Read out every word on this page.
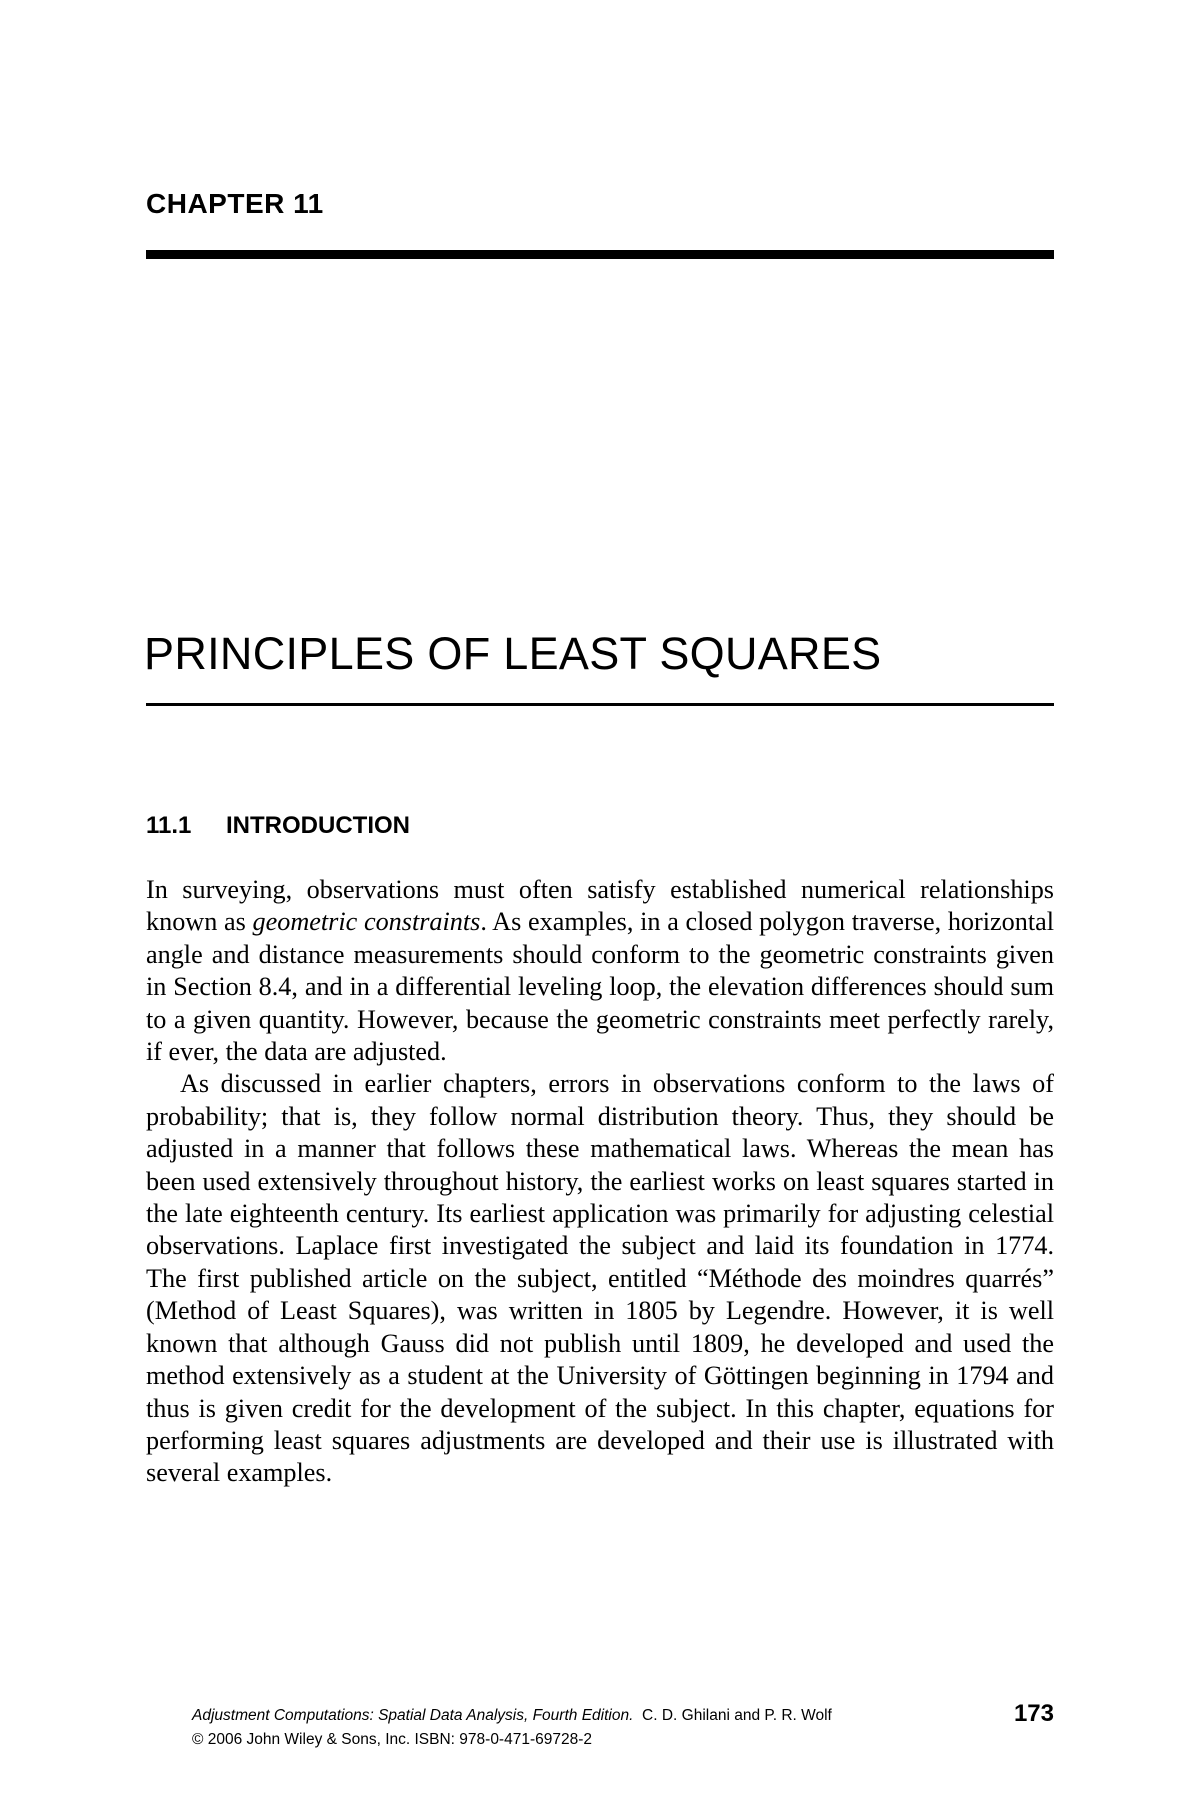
CHAPTER 11
PRINCIPLES OF LEAST SQUARES
11.1 INTRODUCTION

In surveying, observations must often satisfy established numerical relationships known as geometric constraints. As examples, in a closed polygon traverse, horizontal angle and distance measurements should conform to the geometric constraints given in Section 8.4, and in a differential leveling loop, the elevation differences should sum to a given quantity. However, because the geometric constraints meet perfectly rarely, if ever, the data are adjusted.

As discussed in earlier chapters, errors in observations conform to the laws of probability; that is, they follow normal distribution theory. Thus, they should be adjusted in a manner that follows these mathematical laws. Whereas the mean has been used extensively throughout history, the earliest works on least squares started in the late eighteenth century. Its earliest application was primarily for adjusting celestial observations. Laplace first investigated the subject and laid its foundation in 1774. The first published article on the subject, entitled “Méthode des moindres quarrés” (Method of Least Squares), was written in 1805 by Legendre. However, it is well known that although Gauss did not publish until 1809, he developed and used the method extensively as a student at the University of Göttingen beginning in 1794 and thus is given credit for the development of the subject. In this chapter, equations for performing least squares adjustments are developed and their use is illustrated with several examples.

Adjustment Computations: Spatial Data Analysis, Fourth Edition. C. D. Ghilani and P. R. Wolf
© 2006 John Wiley & Sons, Inc. ISBN: 978-0-471-69728-2
173
